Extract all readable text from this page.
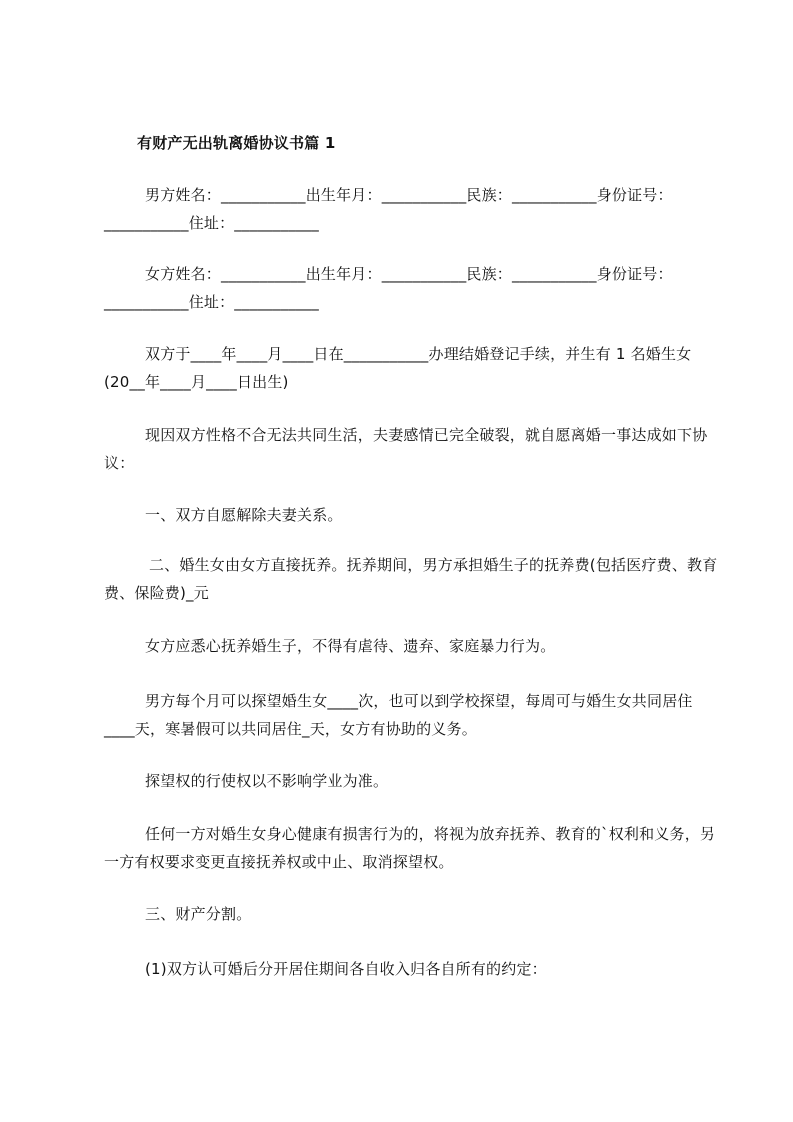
有财产无出轨离婚协议书篇 1
男方姓名：___________出生年月：___________民族：___________身份证号：___________住址：___________
女方姓名：___________出生年月：___________民族：___________身份证号：___________住址：___________
双方于____年____月____日在___________办理结婚登记手续，并生有 1 名婚生女(20__年____月____日出生)
现因双方性格不合无法共同生活，夫妻感情已完全破裂，就自愿离婚一事达成如下协议：
一、双方自愿解除夫妻关系。
二、婚生女由女方直接抚养。抚养期间，男方承担婚生子的抚养费(包括医疗费、教育费、保险费)_元
女方应悉心抚养婚生子，不得有虐待、遗弃、家庭暴力行为。
男方每个月可以探望婚生女____次，也可以到学校探望，每周可与婚生女共同居住____天，寒暑假可以共同居住_天，女方有协助的义务。
探望权的行使权以不影响学业为准。
任何一方对婚生女身心健康有损害行为的，将视为放弃抚养、教育的`权利和义务，另一方有权要求变更直接抚养权或中止、取消探望权。
三、财产分割。
(1)双方认可婚后分开居住期间各自收入归各自所有的约定：
